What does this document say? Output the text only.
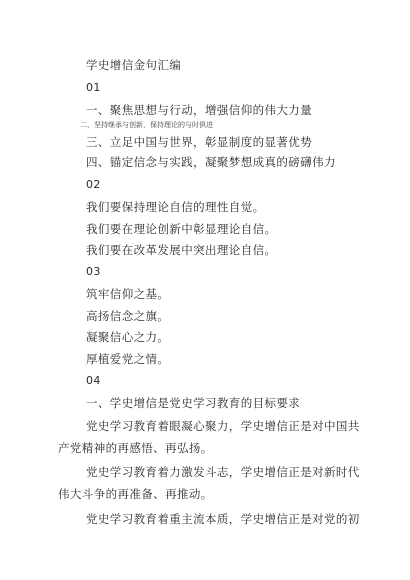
学史增信金句汇编
01
一、聚焦思想与行动，增强信仰的伟大力量
二、坚持继承与创新，保持理论的与时俱进
三、立足中国与世界，彰显制度的显著优势
四、锚定信念与实践，凝聚梦想成真的磅礴伟力
02
我们要保持理论自信的理性自觉。
我们要在理论创新中彰显理论自信。
我们要在改革发展中突出理论自信。
03
筑牢信仰之基。
高扬信念之旗。
凝聚信心之力。
厚植爱党之情。
04
一、学史增信是党史学习教育的目标要求
党史学习教育着眼凝心聚力，学史增信正是对中国共
产党精神的再感悟、再弘扬。
党史学习教育着力激发斗志，学史增信正是对新时代
伟大斗争的再准备、再推动。
党史学习教育着重主流本质，学史增信正是对党的初
